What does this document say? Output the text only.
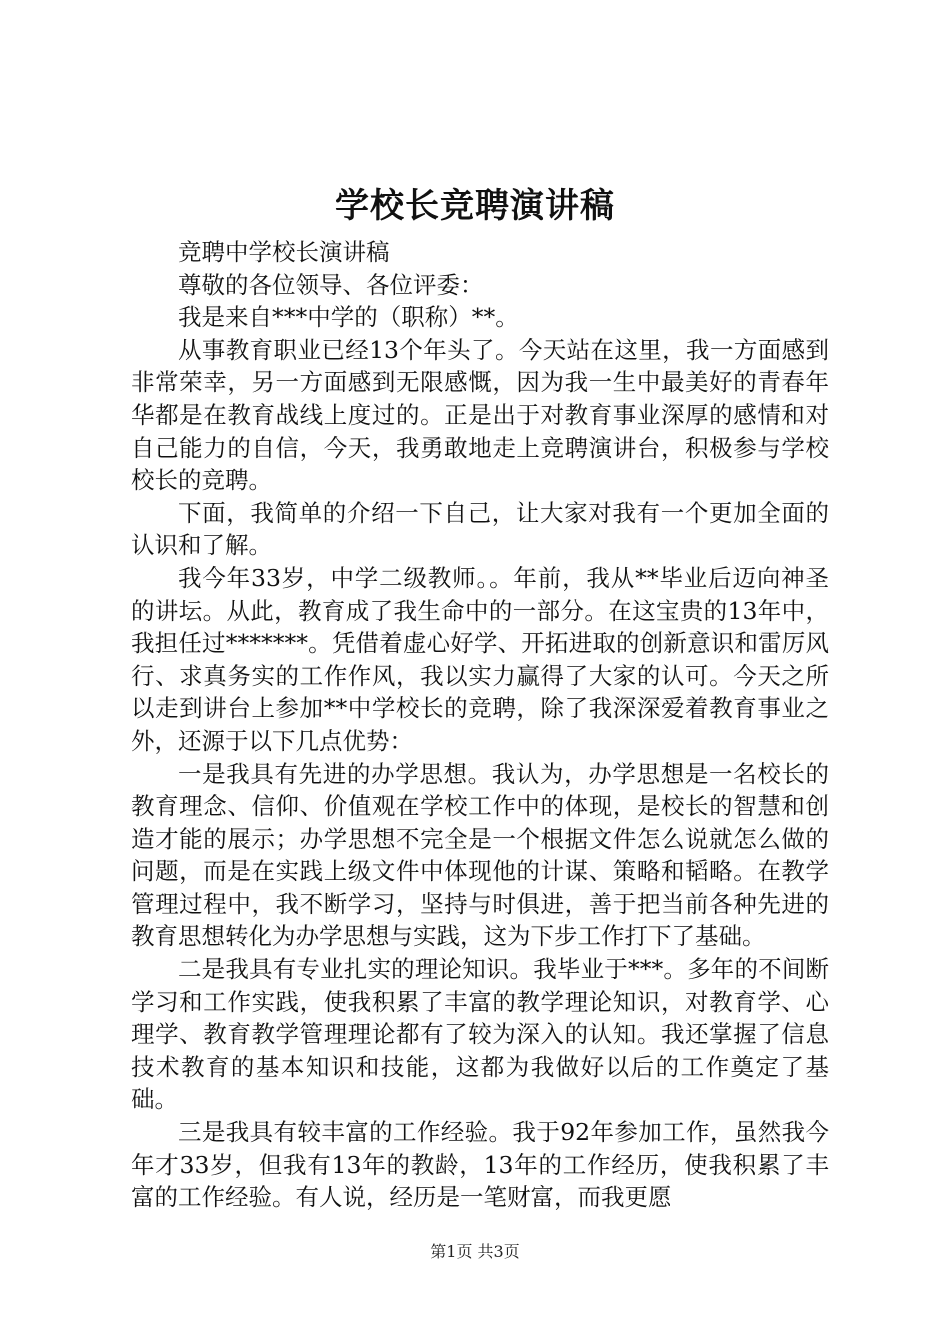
学校长竞聘演讲稿

竞聘中学校长演讲稿

尊敬的各位领导、各位评委：

我是来自***中学的（职称）**。

从事教育职业已经13个年头了。今天站在这里，我一方面感到非常荣幸，另一方面感到无限感慨，因为我一生中最美好的青春年华都是在教育战线上度过的。正是出于对教育事业深厚的感情和对自己能力的自信，今天，我勇敢地走上竞聘演讲台，积极参与学校校长的竞聘。

下面，我简单的介绍一下自己，让大家对我有一个更加全面的认识和了解。

我今年33岁，中学二级教师。。年前，我从**毕业后迈向神圣的讲坛。从此，教育成了我生命中的一部分。在这宝贵的13年中，我担任过*******。凭借着虚心好学、开拓进取的创新意识和雷厉风行、求真务实的工作作风，我以实力赢得了大家的认可。今天之所以走到讲台上参加**中学校长的竞聘，除了我深深爱着教育事业之外，还源于以下几点优势：

一是我具有先进的办学思想。我认为，办学思想是一名校长的教育理念、信仰、价值观在学校工作中的体现，是校长的智慧和创造才能的展示；办学思想不完全是一个根据文件怎么说就怎么做的问题，而是在实践上级文件中体现他的计谋、策略和韬略。在教学管理过程中，我不断学习，坚持与时俱进，善于把当前各种先进的教育思想转化为办学思想与实践，这为下步工作打下了基础。

二是我具有专业扎实的理论知识。我毕业于***。多年的不间断学习和工作实践，使我积累了丰富的教学理论知识，对教育学、心理学、教育教学管理理论都有了较为深入的认知。我还掌握了信息技术教育的基本知识和技能，这都为我做好以后的工作奠定了基础。

三是我具有较丰富的工作经验。我于92年参加工作，虽然我今年才33岁，但我有13年的教龄，13年的工作经历，使我积累了丰富的工作经验。有人说，经历是一笔财富，而我更愿

第1页 共3页
